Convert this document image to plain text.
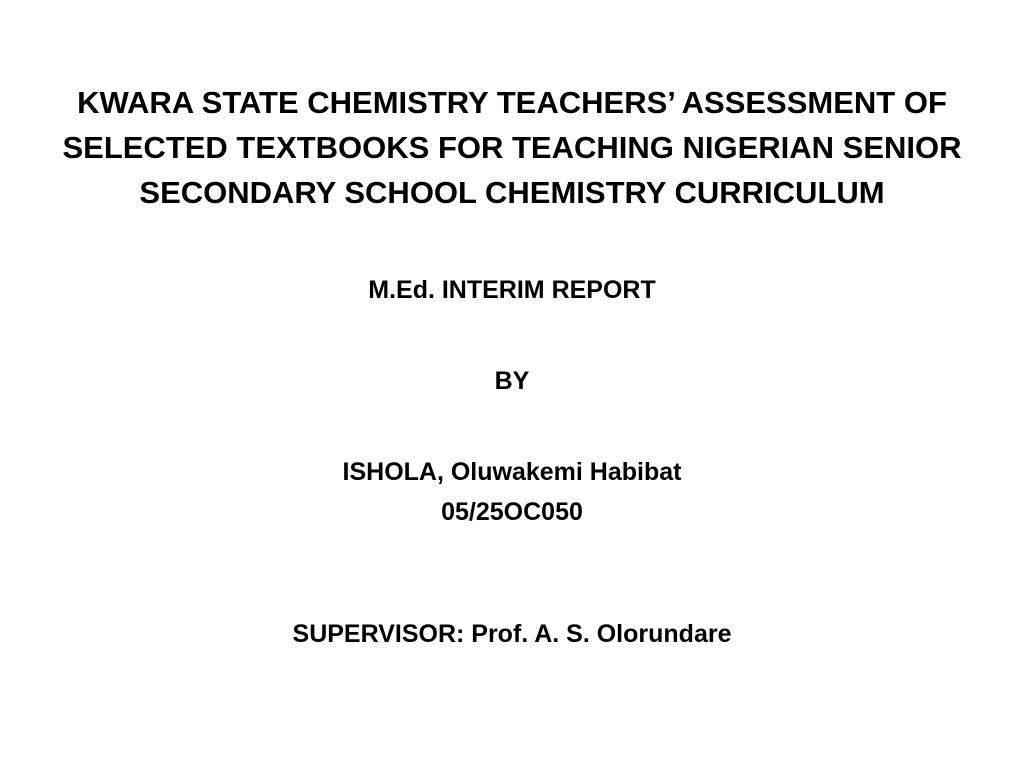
KWARA STATE CHEMISTRY TEACHERS’ ASSESSMENT OF
SELECTED TEXTBOOKS FOR TEACHING NIGERIAN SENIOR
SECONDARY SCHOOL CHEMISTRY CURRICULUM
M.Ed. INTERIM REPORT
BY
ISHOLA, Oluwakemi Habibat
05/25OC050
SUPERVISOR: Prof. A. S. Olorundare
